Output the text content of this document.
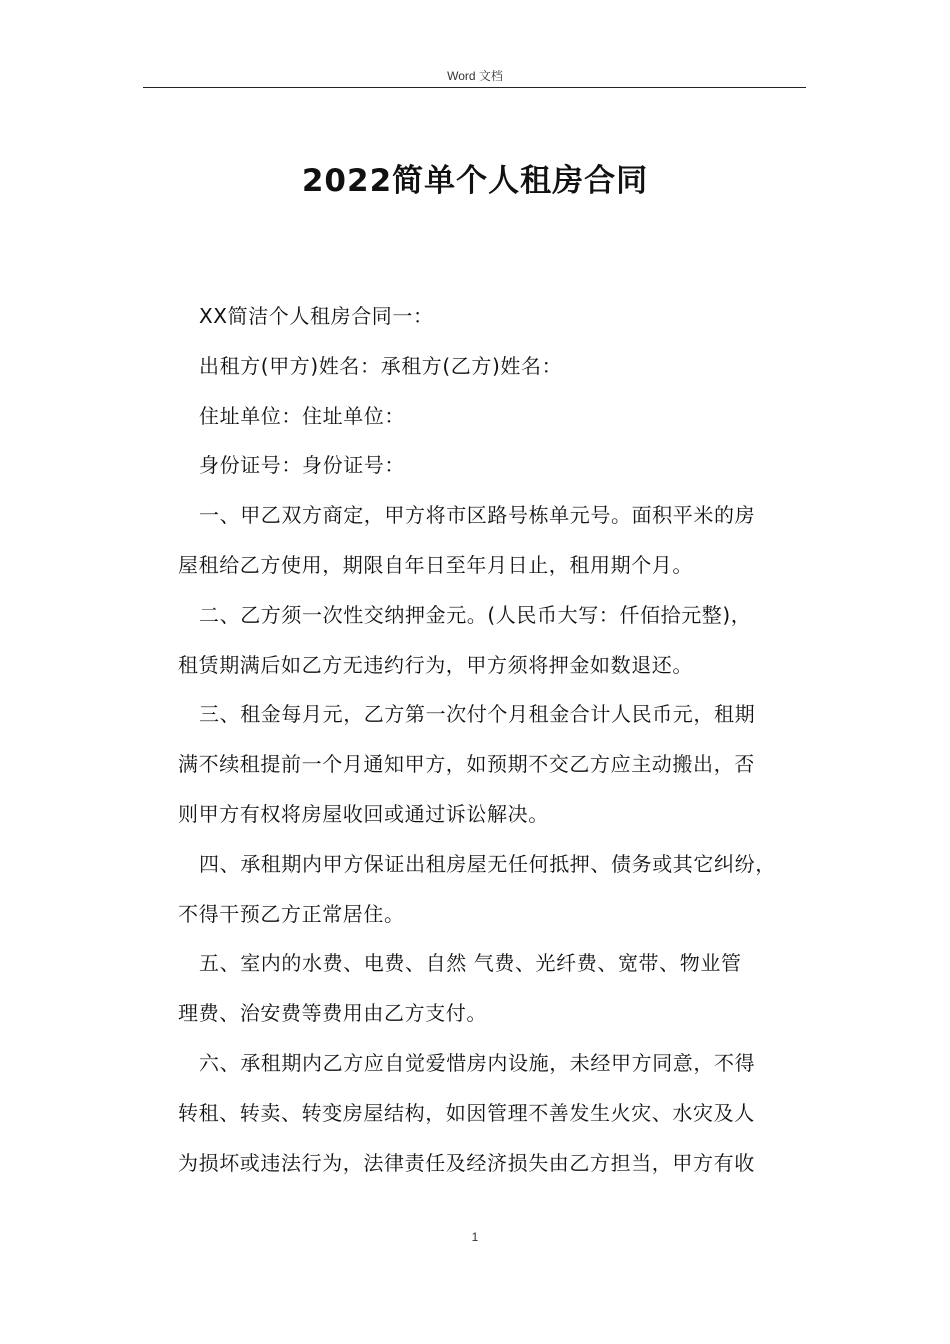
Word 文档
2022简单个人租房合同

XX简洁个人租房合同一：

出租方(甲方)姓名：承租方(乙方)姓名：

住址单位：住址单位：

身份证号：身份证号：

一、甲乙双方商定，甲方将市区路号栋单元号。面积平米的房

屋租给乙方使用，期限自年日至年月日止，租用期个月。

二、乙方须一次性交纳押金元。(人民币大写：仟佰拾元整)，

租赁期满后如乙方无违约行为，甲方须将押金如数退还。

三、租金每月元，乙方第一次付个月租金合计人民币元，租期

满不续租提前一个月通知甲方，如预期不交乙方应主动搬出，否

则甲方有权将房屋收回或通过诉讼解决。

四、承租期内甲方保证出租房屋无任何抵押、债务或其它纠纷，

不得干预乙方正常居住。

五、室内的水费、电费、自然 气费、光纤费、宽带、物业管

理费、治安费等费用由乙方支付。

六、承租期内乙方应自觉爱惜房内设施，未经甲方同意，不得

转租、转卖、转变房屋结构，如因管理不善发生火灾、水灾及人

为损坏或违法行为，法律责任及经济损失由乙方担当，甲方有收

1
